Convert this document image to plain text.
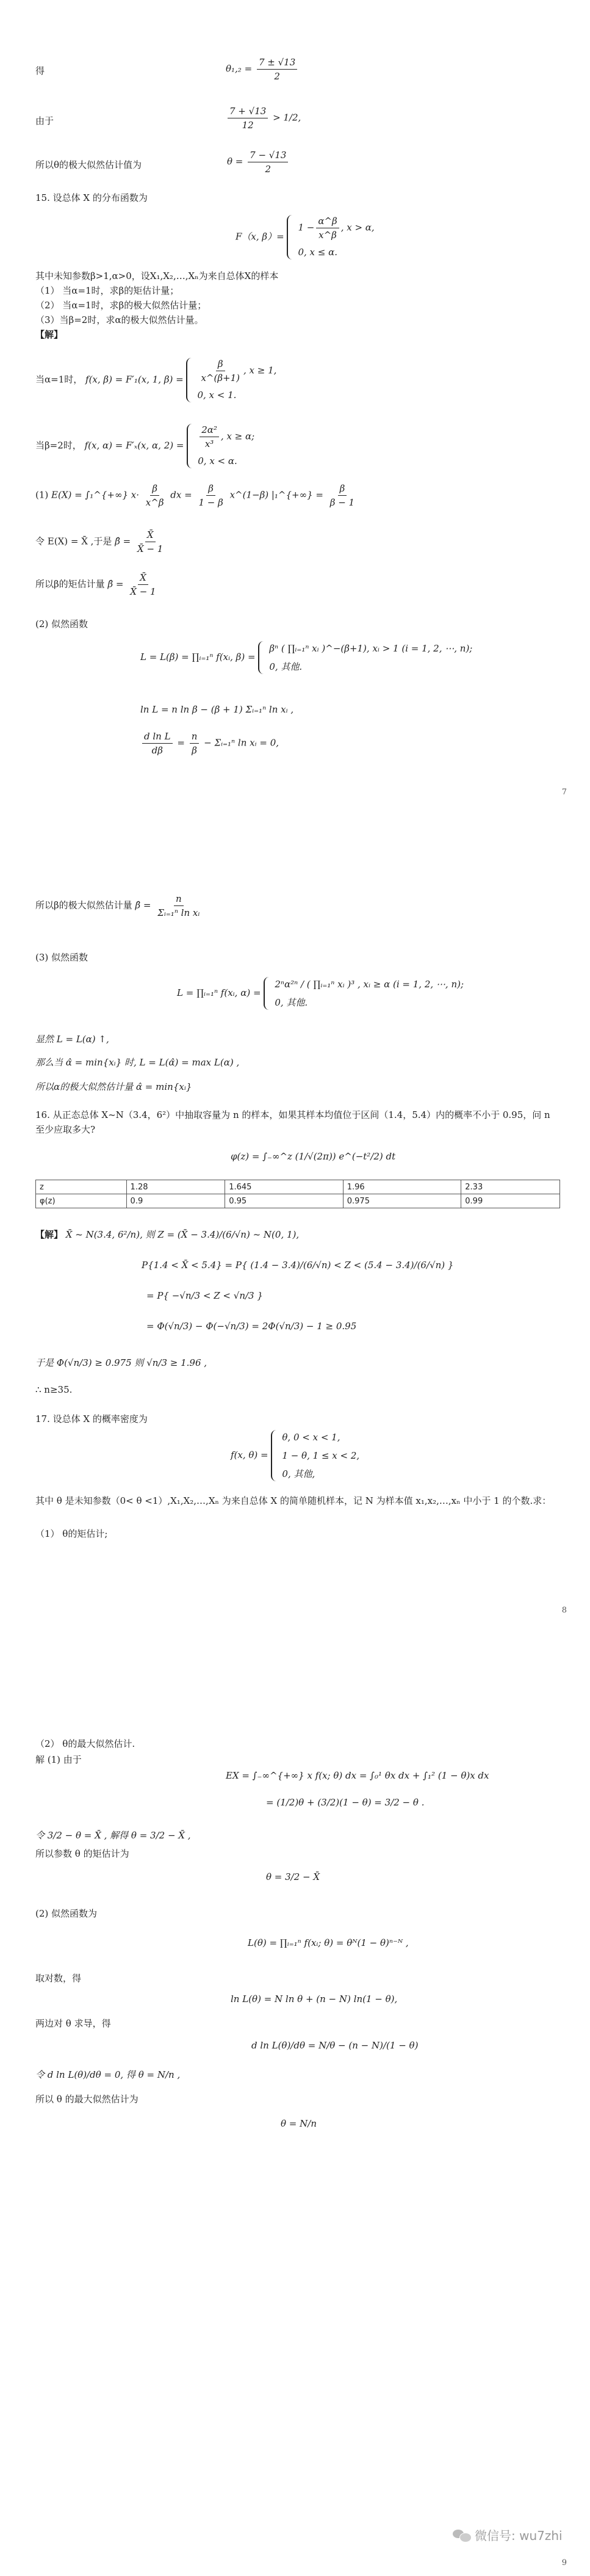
得	$\theta_1,_2 = \frac{7 \pm √13}{2}$
由于	$\frac{7 + √13}{12} > 1/2$,
所以θ的极大似然估计值为	$\theta = \frac{7 - √13}{2}$
15. 设总体 X 的分布函数为
F（x, β）=
$1 - \frac{\alpha\^{}\beta}{x\^{}\beta}$ , x > α,
0, x ≤ α.
其中未知参数β>1,α>0，设X₁,X₂,…,Xₙ为来自总体X的样本
（1） 当α=1时，求β的矩估计量；
（2） 当α=1时，求β的极大似然估计量；
（3）当β=2时，求α的极大似然估计量。
【解】
当α=1时， f(x, β) = F′₁(x, 1, $\beta) = \frac{\beta}{x\^{}(\beta+1)}$ , x ≥ 1,
0, x < 1.
当β=2时， f(x, α) = F′ₓ(x, α, $2) = \frac{\text{2α²}}{\text{x³}}$ , x ≥ α;
0, x < α.
(1) E(X) = ∫₁^{+∞} $x\cdot \frac{\beta}{x\^{}\beta}$ dx = $\frac{\beta}{1 - \beta}$ x^(1−β) |₁^{+∞} = $\frac{\beta}{\beta - 1}$
令 E(X) = X̄ ,于是 β̂ = $\frac{X̄}{X̄ - 1}$
所以β的矩估计量 β̂ = $\frac{X̄}{X̄ - 1}$
(2) 似然函数
L = L(β) = ∏ᵢ₌₁ⁿ f(xᵢ, β) =
βⁿ ( ∏ᵢ₌₁ⁿ xᵢ )^−(β+1), xᵢ > 1 (i = 1, 2, ⋯, n);
0, 其他.
ln L = n ln β − (β + 1) Σᵢ₌₁ⁿ ln xᵢ ,
$\frac{\text{d ln L}}{d\beta} = \frac{n}{\beta}$ − Σᵢ₌₁ⁿ ln xᵢ = 0,
7
所以β的极大似然估计量 β̂ = $\frac{n}{\text{Σᵢ₌₁ⁿ ln xᵢ}}$
(3) 似然函数
L = ∏ᵢ₌₁ⁿ f(xᵢ, α) =
2ⁿα²ⁿ / ( ∏ᵢ₌₁ⁿ xᵢ )³ , xᵢ ≥ α (i = 1, 2, ⋯, n);
0, 其他.
显然 L = L(α) ↑,
那么当 α̂ = min{xᵢ} 时, L = L(α̂) = max L(α) ,
所以α的极大似然估计量 α̂ = min{xᵢ}
16. 从正态总体 X~N（3.4，6²）中抽取容量为 n 的样本，如果其样本均值位于区间（1.4，5.4）内的概率不小于 0.95，问 n 至少应取多大?
φ(z) = ∫₋∞^z (1/√(2π)) e^(−t²/2) dt
z	1.28	1.645	1.96	2.33
φ(z)	0.9	0.95	0.975	0.99
【解】 X̄ ~ N(3.4, 6²/n), 则 Z = (X̄ − 3.4)/(6/√n) ~ N(0, 1),
P{1.4 < X̄ < 5.4} = P{ (1.4 − 3.4)/(6/√n) < Z < (5.4 − 3.4)/(6/√n) }
= P{ −√n/3 < Z < √n/3 }
= Φ(√n/3) − Φ(−√n/3) = 2Φ(√n/3) − 1 ≥ 0.95
于是 Φ(√n/3) ≥ 0.975 则 √n/3 ≥ 1.96 ,
∴ n≥35.
17. 设总体 X 的概率密度为
f(x, θ) =
θ, 0 < x < 1,
1 − θ, 1 ≤ x < 2,
0, 其他,
其中 θ 是未知参数（0< θ <1）,X₁,X₂,…,Xₙ 为来自总体 X 的简单随机样本，记 N 为样本值 x₁,x₂,…,xₙ 中小于 1 的个数.求：
（1） θ的矩估计;
8
（2） θ的最大似然估计.
解 (1) 由于
EX = ∫₋∞^{+∞} x f(x; θ) dx = ∫₀¹ θx dx + ∫₁² (1 − θ)x dx
= (1/2)θ + (3/2)(1 − θ) = 3/2 − θ .
令 3/2 − θ = X̄ , 解得 θ = 3/2 − X̄ ,
所以参数 θ 的矩估计为
θ = 3/2 − X̄
(2) 似然函数为
L(θ) = ∏ᵢ₌₁ⁿ f(xᵢ; θ) = θᴺ(1 − θ)ⁿ⁻ᴺ ,
取对数，得
ln L(θ) = N ln θ + (n − N) ln(1 − θ),
两边对 θ 求导，得
d ln L(θ)/dθ = N/θ − (n − N)/(1 − θ)
令 d ln L(θ)/dθ = 0, 得 θ = N/n ,
所以 θ 的最大似然估计为
θ = N/n
微信号: wu7zhi
9
